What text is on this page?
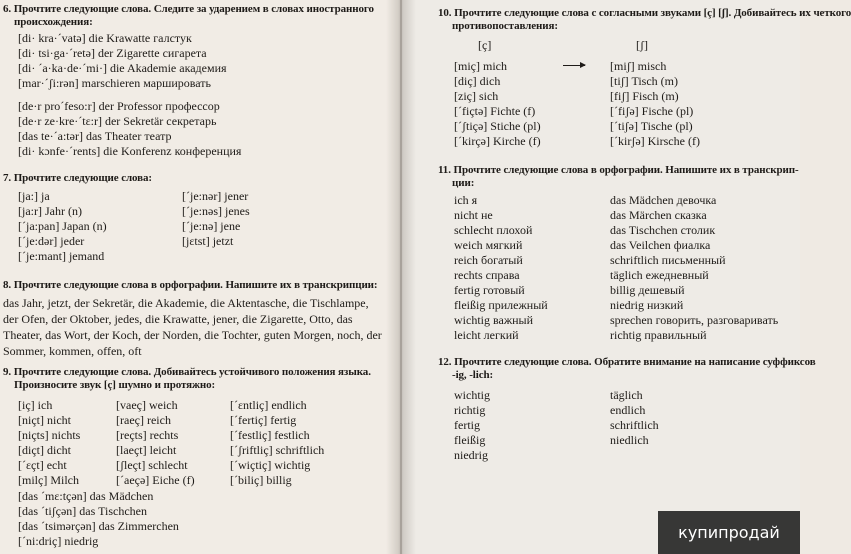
6. Прочтите следующие слова. Следите за ударением в словах иностранного
происхождения:
[di· kra·ˊvatə] die Krawatte галстук
[di· tsi·ga·ˊretə] der Zigarette сигарета
[di· ˊa·ka·de·ˊmi·] die Akademie академия
[mar·ˊʃi:rən] marschieren маршировать
[de·r proˊfeso:r] der Professor профессор
[de·r ze·kre·ˊtɛ:r] der Sekretär секретарь
[das te·ˊa:tər] das Theater театр
[di· kɔnfe·ˊrents] die Konferenz конференция
7. Прочтите следующие слова:
[ja:] ja
[ja:r] Jahr (n)
[ˊja:pan] Japan (n)
[ˊje:dər] jeder
[ˊje:mant] jemand
[ˊje:nər] jener
[ˊje:nəs] jenes
[ˊje:nə] jene
[jɛtst] jetzt
8. Прочтите следующие слова в орфографии. Напишите их в транскрипции:
das Jahr, jetzt, der Sekretär, die Akademie, die Aktentasche, die Tischlampe, der Ofen, der Oktober, jedes, die Krawatte, jener, die Zigarette, Otto, das Theater, das Wort, der Koch, der Norden, die Tochter, guten Morgen, noch, der Sommer, kommen, offen, oft
9. Прочтите следующие слова. Добивайтесь устойчивого положения языка.
Произносите звук [ç] шумно и протяжно:
[iç] ich
[niçt] nicht
[niçts] nichts
[diçt] dicht
[ˊɛçt] echt
[milç] Milch
[vaeç] weich
[raeç] reich
[reçts] rechts
[laeçt] leicht
[ʃleçt] schlecht
[ˊaeçə] Eiche (f)
[ˊɛntliç] endlich
[ˊfertiç] fertig
[ˊfestliç] festlich
[ˊʃriftliç] schriftlich
[ˊwiçtiç] wichtig
[ˊbiliç] billig
[das ˊmɛ:tçən] das Mädchen
[das ˊtiʃçən] das Tischchen
[das ˊtsimərçən] das Zimmerchen
[ˊni:driç] niedrig
10. Прочтите следующие слова с согласными звуками [ç] [ʃ]. Добивайтесь их четкого
противопоставления:
[ç]	[ʃ]
[miç] mich
[diç] dich
[ziç] sich
[ˊfiçtə] Fichte (f)
[ˊʃtiçə] Stiche (pl)
[ˊkirçə] Kirche (f)
[miʃ] misch
[tiʃ] Tisch (m)
[fiʃ] Fisch (m)
[ˊfiʃə] Fische (pl)
[ˊtiʃə] Tische (pl)
[ˊkirʃə] Kirsche (f)
11. Прочтите следующие слова в орфографии. Напишите их в транскрип-
ции:
ich я
nicht не
schlecht плохой
weich мягкий
reich богатый
rechts справа
fertig готовый
fleißig прилежный
wichtig важный
leicht легкий
das Mädchen девочка
das Märchen сказка
das Tischchen столик
das Veilchen фиалка
schriftlich письменный
täglich ежедневный
billig дешевый
niedrig низкий
sprechen говорить, разговаривать
richtig правильный
12. Прочтите следующие слова. Обратите внимание на написание суффиксов
-ig, -lich:
wichtig
richtig
fertig
fleißig
niedrig
täglich
endlich
schriftlich
niedlich
купипродай
